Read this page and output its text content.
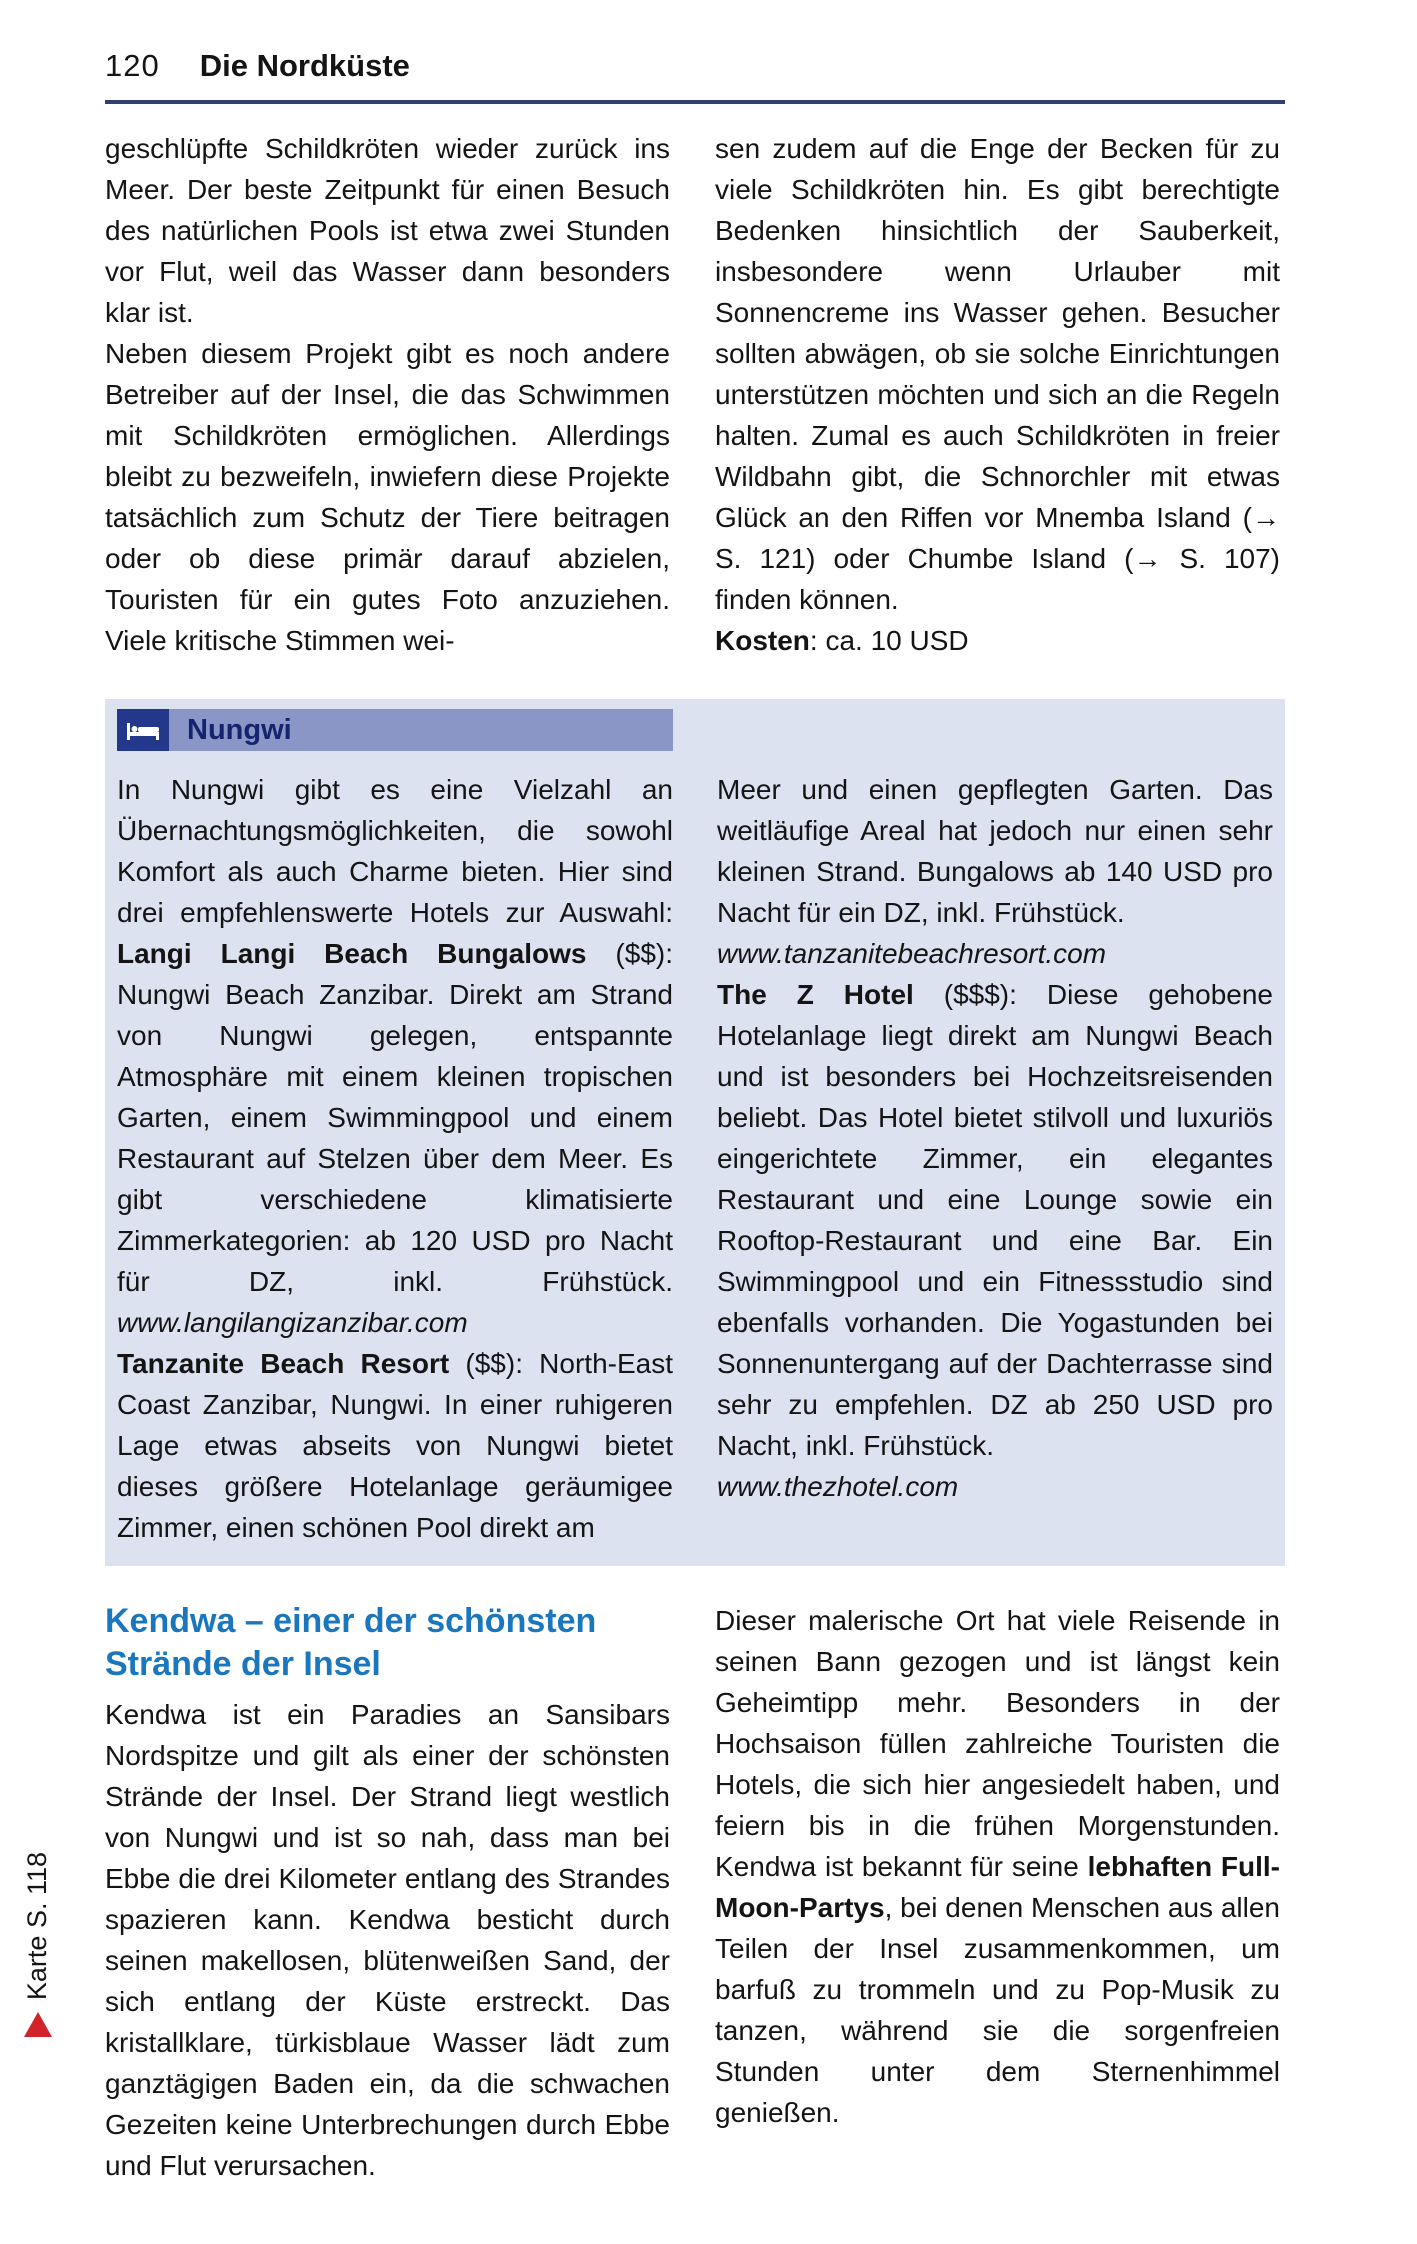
Karte S. 118
120 Die Nordküste

geschlüpfte Schildkröten wieder zurück ins Meer. Der beste Zeitpunkt für einen Besuch des natürlichen Pools ist etwa zwei Stunden vor Flut, weil das Wasser dann besonders klar ist.

Neben diesem Projekt gibt es noch andere Betreiber auf der Insel, die das Schwimmen mit Schildkröten ermöglichen. Allerdings bleibt zu bezweifeln, inwiefern diese Projekte tatsächlich zum Schutz der Tiere beitragen oder ob diese primär darauf abzielen, Touristen für ein gutes Foto anzuziehen. Viele kritische Stimmen wei-

sen zudem auf die Enge der Becken für zu viele Schildkröten hin. Es gibt berechtigte Bedenken hinsichtlich der Sauberkeit, insbesondere wenn Urlauber mit Sonnencreme ins Wasser gehen. Besucher sollten abwägen, ob sie solche Einrichtungen unterstützen möchten und sich an die Regeln halten. Zumal es auch Schildkröten in freier Wildbahn gibt, die Schnorchler mit etwas Glück an den Riffen vor Mnemba Island (→ S. 121) oder Chumbe Island (→ S. 107) finden können.

Kosten: ca. 10 USD

Nungwi

In Nungwi gibt es eine Vielzahl an Übernachtungsmöglichkeiten, die sowohl Komfort als auch Charme bieten. Hier sind drei empfehlenswerte Hotels zur Auswahl: Langi Langi Beach Bungalows ($$): Nungwi Beach Zanzibar. Direkt am Strand von Nungwi gelegen, entspannte Atmosphäre mit einem kleinen tropischen Garten, einem Swimmingpool und einem Restaurant auf Stelzen über dem Meer. Es gibt verschiedene klimatisierte Zimmerkategorien: ab 120 USD pro Nacht für DZ, inkl. Frühstück. www.langilangizanzibar.com

Tanzanite Beach Resort ($$): North-East Coast Zanzibar, Nungwi. In einer ruhigeren Lage etwas abseits von Nungwi bietet dieses größere Hotelanlage geräumigee Zimmer, einen schönen Pool direkt am

Meer und einen gepflegten Garten. Das weitläufige Areal hat jedoch nur einen sehr kleinen Strand. Bungalows ab 140 USD pro Nacht für ein DZ, inkl. Frühstück.

www.tanzanitebeachresort.com

The Z Hotel ($$$): Diese gehobene Hotelanlage liegt direkt am Nungwi Beach und ist besonders bei Hochzeitsreisenden beliebt. Das Hotel bietet stilvoll und luxuriös eingerichtete Zimmer, ein elegantes Restaurant und eine Lounge sowie ein Rooftop-Restaurant und eine Bar. Ein Swimmingpool und ein Fitnessstudio sind ebenfalls vorhanden. Die Yogastunden bei Sonnenuntergang auf der Dachterrasse sind sehr zu empfehlen. DZ ab 250 USD pro Nacht, inkl. Frühstück.

www.thezhotel.com

Kendwa – einer der schönsten
Strände der Insel

Kendwa ist ein Paradies an Sansibars Nordspitze und gilt als einer der schönsten Strände der Insel. Der Strand liegt westlich von Nungwi und ist so nah, dass man bei Ebbe die drei Kilometer entlang des Strandes spazieren kann. Kendwa besticht durch seinen makellosen, blütenweißen Sand, der sich entlang der Küste erstreckt. Das kristallklare, türkisblaue Wasser lädt zum ganztägigen Baden ein, da die schwachen Gezeiten keine Unterbrechungen durch Ebbe und Flut verursachen.

Dieser malerische Ort hat viele Reisende in seinen Bann gezogen und ist längst kein Geheimtipp mehr. Besonders in der Hochsaison füllen zahlreiche Touristen die Hotels, die sich hier angesiedelt haben, und feiern bis in die frühen Morgenstunden. Kendwa ist bekannt für seine lebhaften Full-Moon-Partys, bei denen Menschen aus allen Teilen der Insel zusammenkommen, um barfuß zu trommeln und zu Pop-Musik zu tanzen, während sie die sorgenfreien Stunden unter dem Sternenhimmel genießen.
